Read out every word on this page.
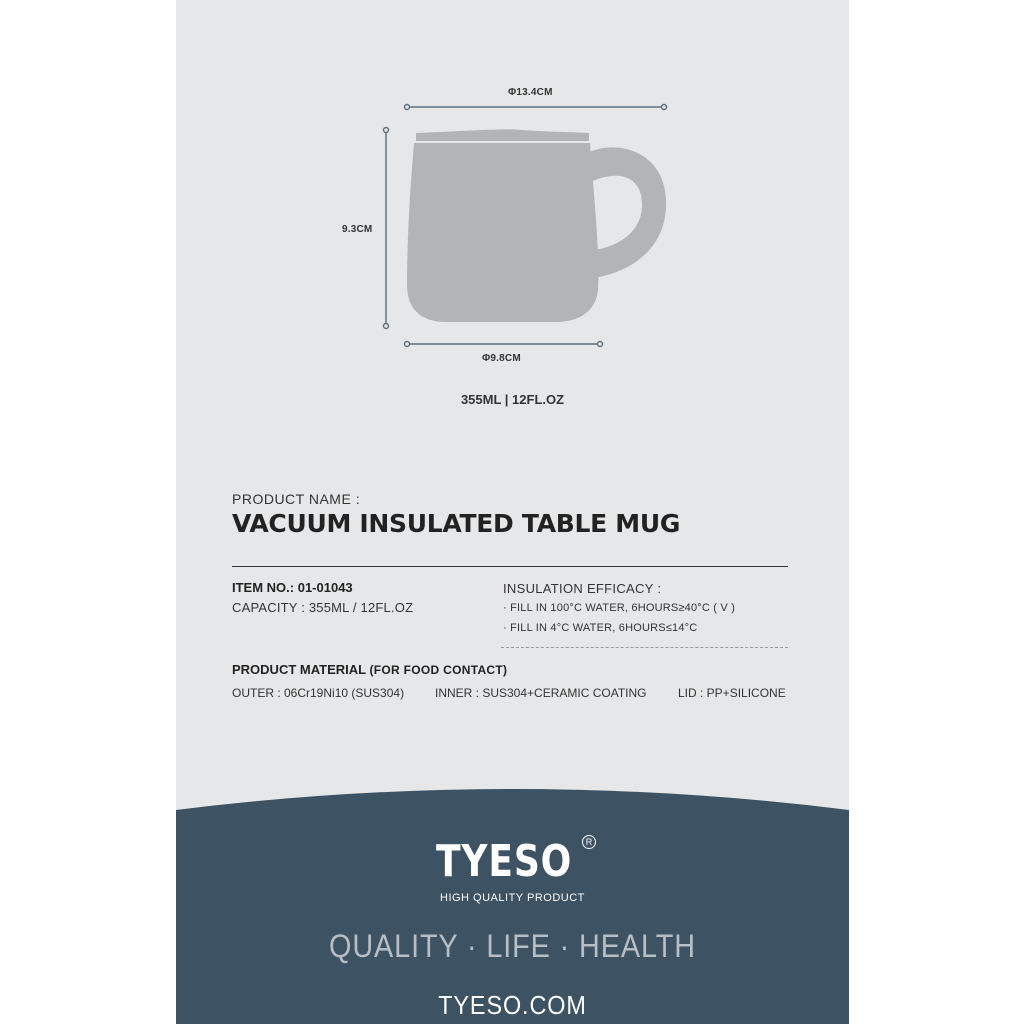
Φ13.4CM
9.3CM
Φ9.8CM
355ML | 12FL.OZ
PRODUCT NAME :
VACUUM INSULATED TABLE MUG
ITEM NO.: 01-01043
CAPACITY : 355ML / 12FL.OZ
INSULATION EFFICACY :
· FILL IN 100°C WATER, 6HOURS≥40°C ( V )
· FILL IN 4°C WATER, 6HOURS≤14°C
PRODUCT MATERIAL (FOR FOOD CONTACT)
OUTER : 06Cr19Ni10 (SUS304)	INNER : SUS304+CERAMIC COATING	LID : PP+SILICONE
TYESO	R
HIGH QUALITY PRODUCT
QUALITY · LIFE · HEALTH
TYESO.COM
